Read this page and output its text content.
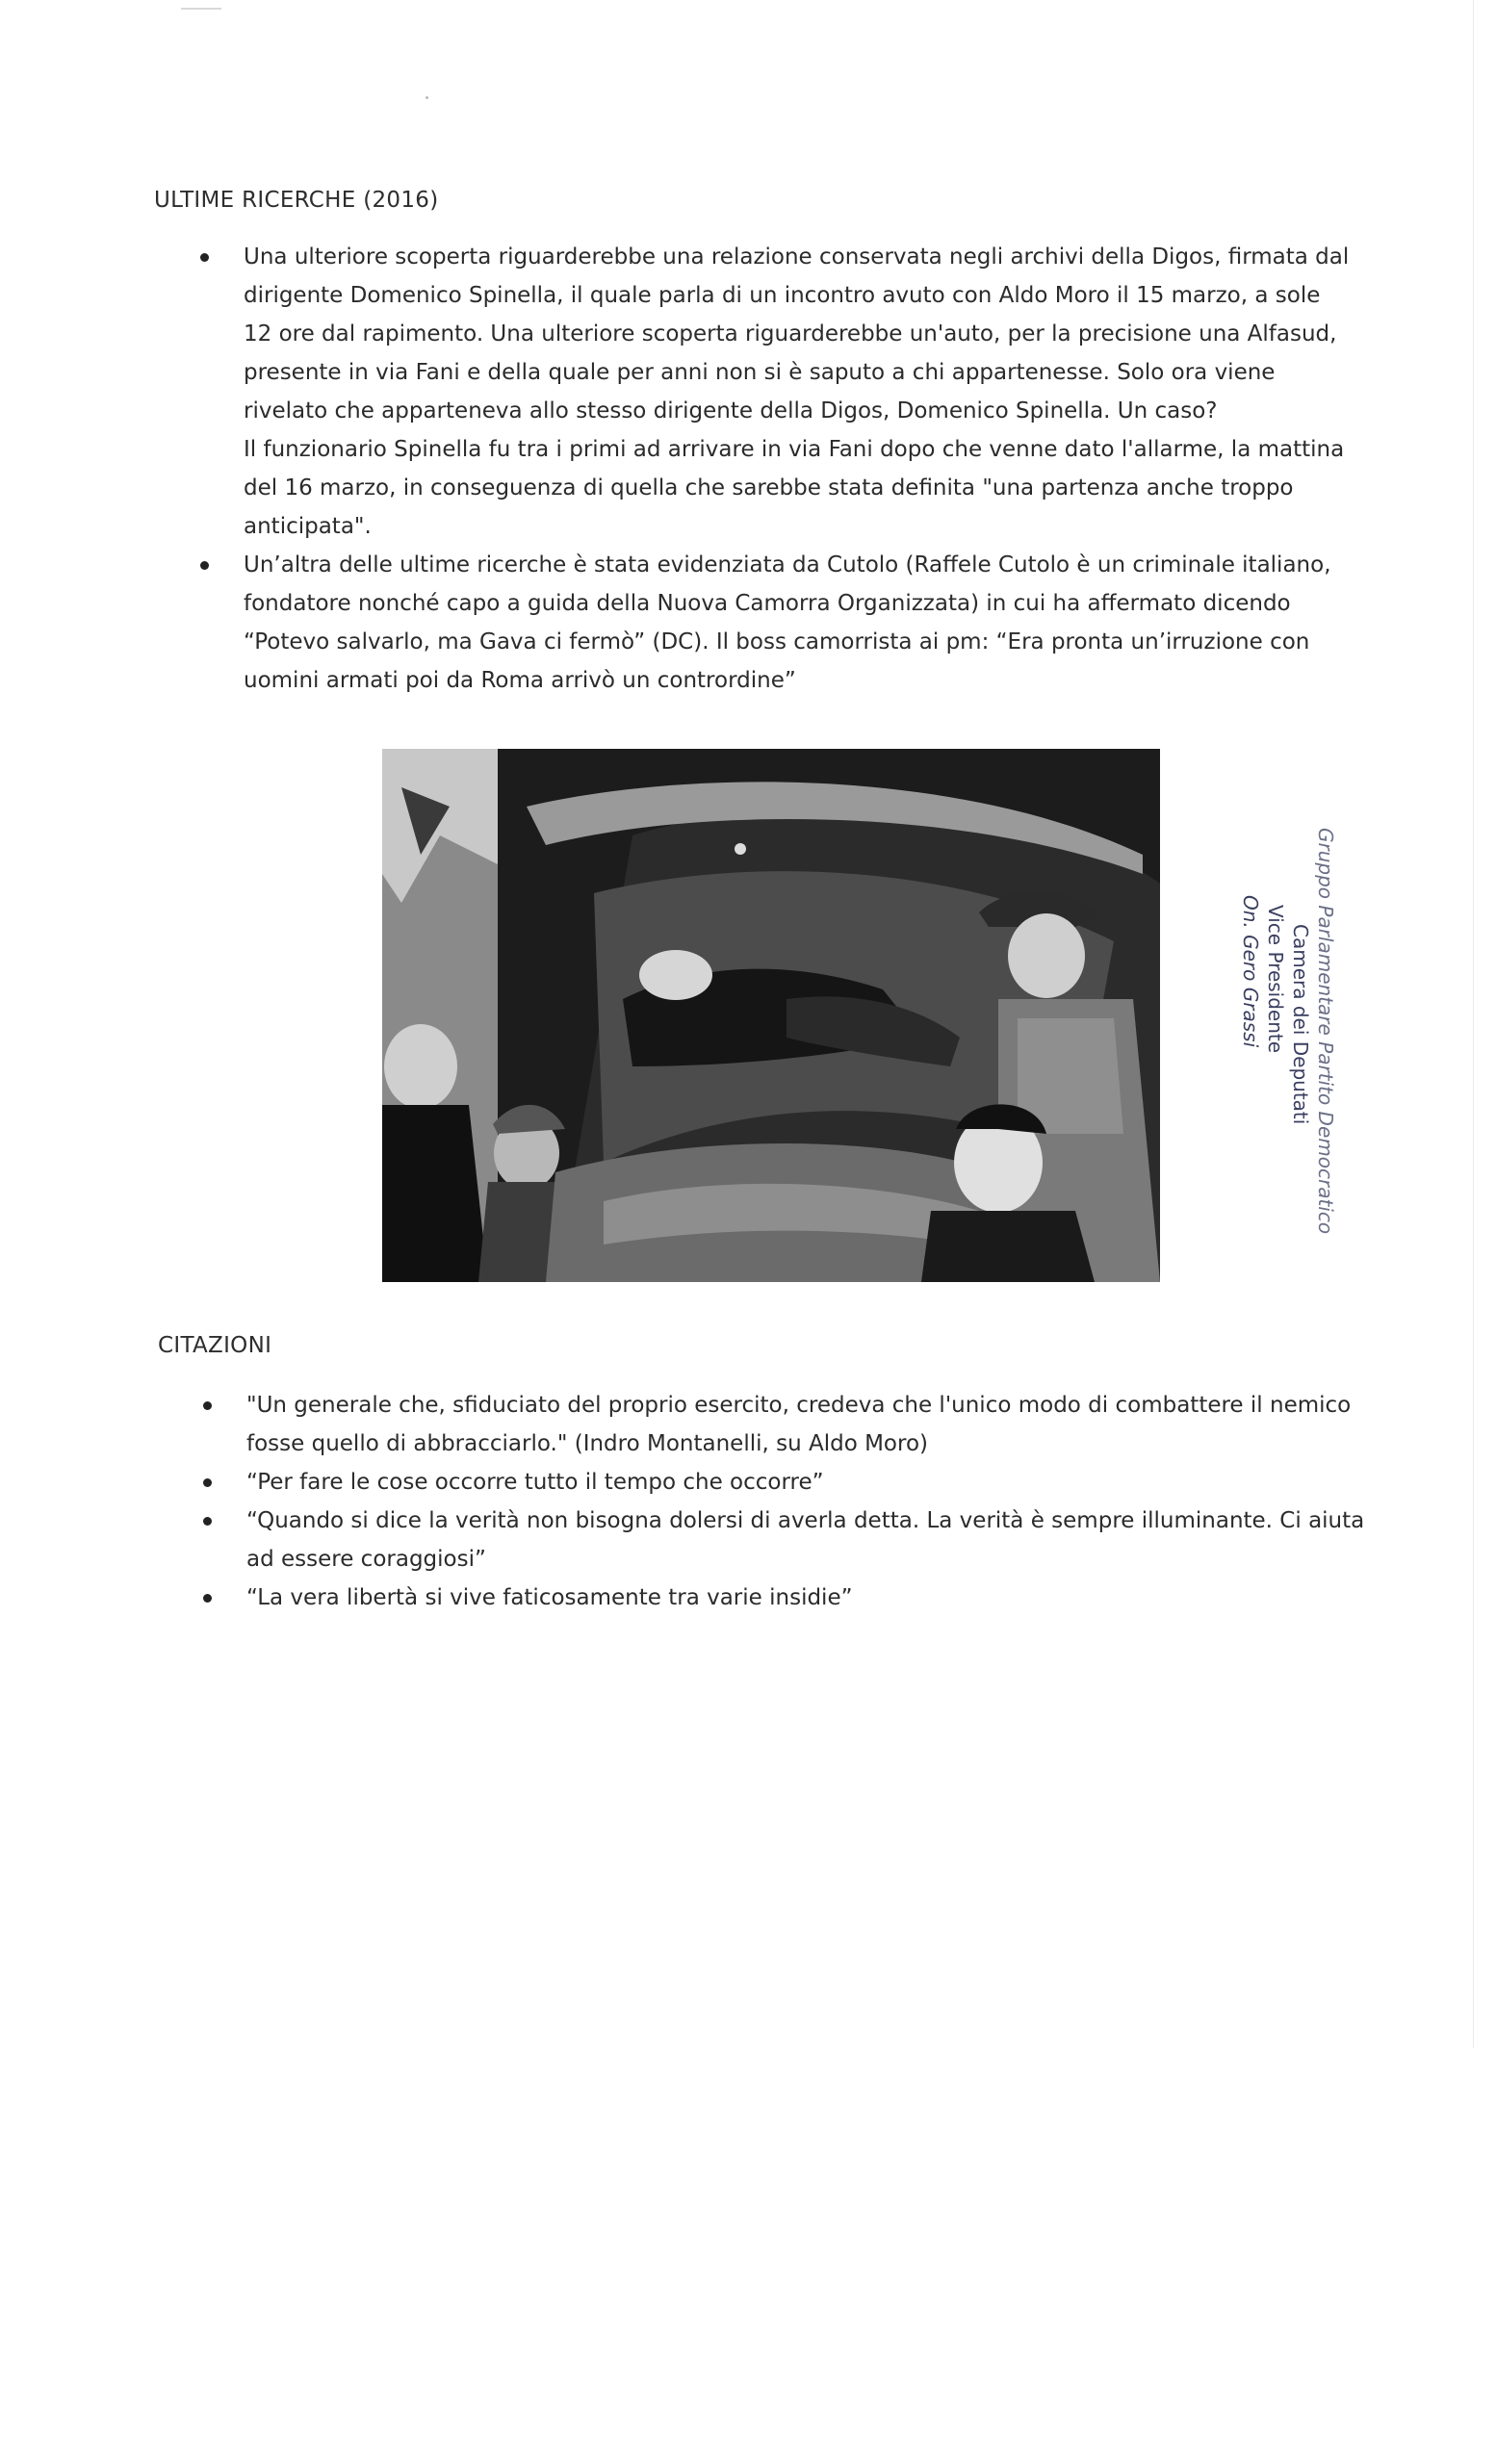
ULTIME RICERCHE (2016)
Una ulteriore scoperta riguarderebbe una relazione conservata negli archivi della Digos, firmata dal
dirigente Domenico Spinella, il quale parla di un incontro avuto con Aldo Moro il 15 marzo, a sole
12 ore dal rapimento. Una ulteriore scoperta riguarderebbe un'auto, per la precisione una Alfasud,
presente in via Fani e della quale per anni non si è saputo a chi appartenesse. Solo ora viene
rivelato che apparteneva allo stesso dirigente della Digos, Domenico Spinella. Un caso?
Il funzionario Spinella fu tra i primi ad arrivare in via Fani dopo che venne dato l'allarme, la mattina
del 16 marzo, in conseguenza di quella che sarebbe stata definita "una partenza anche troppo
anticipata".
Un’altra delle ultime ricerche è stata evidenziata da Cutolo (Raffele Cutolo è un criminale italiano,
fondatore nonché capo a guida della Nuova Camorra Organizzata) in cui ha affermato dicendo
“Potevo salvarlo, ma Gava ci fermò” (DC). Il boss camorrista ai pm: “Era pronta un’irruzione con
uomini armati poi da Roma arrivò un contrordine”
Gruppo Parlamentare Partito Democratico
Camera dei Deputati
Vice Presidente
On. Gero Grassi
CITAZIONI
"Un generale che, sfiduciato del proprio esercito, credeva che l'unico modo di combattere il nemico
fosse quello di abbracciarlo." (Indro Montanelli, su Aldo Moro)
“Per fare le cose occorre tutto il tempo che occorre”
“Quando si dice la verità non bisogna dolersi di averla detta. La verità è sempre illuminante. Ci aiuta
ad essere coraggiosi”
“La vera libertà si vive faticosamente tra varie insidie”
